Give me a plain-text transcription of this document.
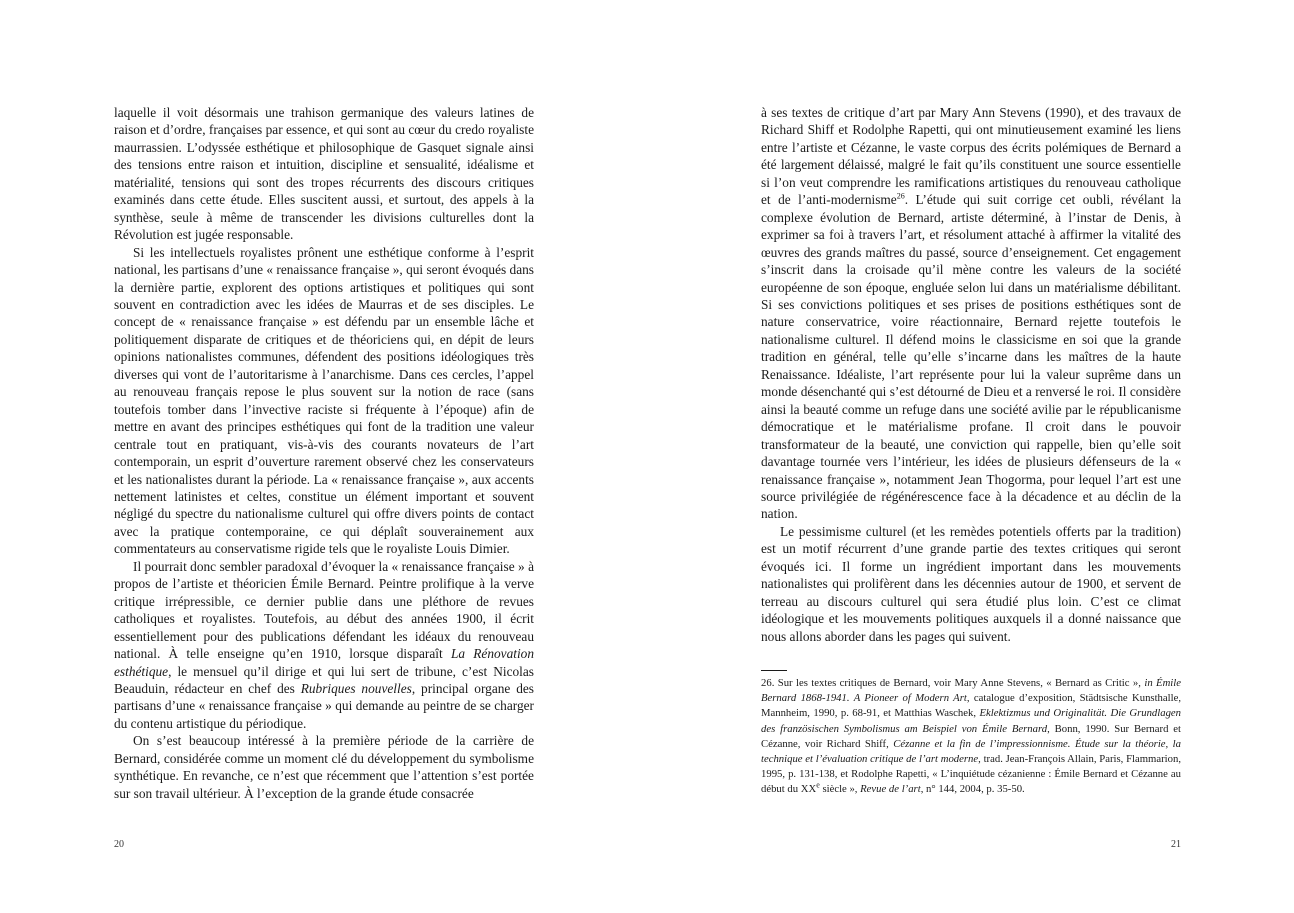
laquelle il voit désormais une trahison germanique des valeurs latines de raison et d’ordre, françaises par essence, et qui sont au cœur du credo royaliste maurrassien. L’odyssée esthétique et philosophique de Gasquet signale ainsi des tensions entre raison et intuition, discipline et sensualité, idéalisme et matérialité, tensions qui sont des tropes récurrents des discours critiques examinés dans cette étude. Elles suscitent aussi, et surtout, des appels à la synthèse, seule à même de transcender les divisions culturelles dont la Révolution est jugée responsable.

Si les intellectuels royalistes prônent une esthétique conforme à l’esprit national, les partisans d’une « renaissance française », qui seront évoqués dans la dernière partie, explorent des options artistiques et politiques qui sont souvent en contradiction avec les idées de Maurras et de ses disciples. Le concept de « renaissance française » est défendu par un ensemble lâche et politiquement disparate de critiques et de théoriciens qui, en dépit de leurs opinions nationalistes communes, défendent des positions idéologiques très diverses qui vont de l’autoritarisme à l’anarchisme. Dans ces cercles, l’appel au renouveau français repose le plus souvent sur la notion de race (sans toutefois tomber dans l’invective raciste si fréquente à l’époque) afin de mettre en avant des principes esthétiques qui font de la tradition une valeur centrale tout en pratiquant, vis-à-vis des courants novateurs de l’art contemporain, un esprit d’ouverture rarement observé chez les conservateurs et les nationalistes durant la période. La « renaissance française », aux accents nettement latinistes et celtes, constitue un élément important et souvent négligé du spectre du nationalisme culturel qui offre divers points de contact avec la pratique contemporaine, ce qui déplaît souverainement aux commentateurs au conservatisme rigide tels que le royaliste Louis Dimier.

Il pourrait donc sembler paradoxal d’évoquer la « renaissance française » à propos de l’artiste et théoricien Émile Bernard. Peintre prolifique à la verve critique irrépressible, ce dernier publie dans une pléthore de revues catholiques et royalistes. Toutefois, au début des années 1900, il écrit essentiellement pour des publications défendant les idéaux du renouveau national. À telle enseigne qu’en 1910, lorsque disparaît La Rénovation esthétique, le mensuel qu’il dirige et qui lui sert de tribune, c’est Nicolas Beauduin, rédacteur en chef des Rubriques nouvelles, principal organe des partisans d’une « renaissance française » qui demande au peintre de se charger du contenu artistique du périodique.

On s’est beaucoup intéressé à la première période de la carrière de Bernard, considérée comme un moment clé du développement du symbolisme synthétique. En revanche, ce n’est que récemment que l’attention s’est portée sur son travail ultérieur. À l’exception de la grande étude consacrée

20

à ses textes de critique d’art par Mary Ann Stevens (1990), et des travaux de Richard Shiff et Rodolphe Rapetti, qui ont minutieusement examiné les liens entre l’artiste et Cézanne, le vaste corpus des écrits polémiques de Bernard a été largement délaissé, malgré le fait qu’ils constituent une source essentielle si l’on veut comprendre les ramifications artistiques du renouveau catholique et de l’anti-modernisme$^{26}$. L’étude qui suit corrige cet oubli, révélant la complexe évolution de Bernard, artiste déterminé, à l’instar de Denis, à exprimer sa foi à travers l’art, et résolument attaché à affirmer la vitalité des œuvres des grands maîtres du passé, source d’enseignement. Cet engagement s’inscrit dans la croisade qu’il mène contre les valeurs de la société européenne de son époque, engluée selon lui dans un matérialisme débilitant. Si ses convictions politiques et ses prises de positions esthétiques sont de nature conservatrice, voire réactionnaire, Bernard rejette toutefois le nationalisme culturel. Il défend moins le classicisme en soi que la grande tradition en général, telle qu’elle s’incarne dans les maîtres de la haute Renaissance. Idéaliste, l’art représente pour lui la valeur suprême dans un monde désenchanté qui s’est détourné de Dieu et a renversé le roi. Il considère ainsi la beauté comme un refuge dans une société avilie par le républicanisme démocratique et le matérialisme profane. Il croit dans le pouvoir transformateur de la beauté, une conviction qui rappelle, bien qu’elle soit davantage tournée vers l’intérieur, les idées de plusieurs défenseurs de la « renaissance française », notamment Jean Thogorma, pour lequel l’art est une source privilégiée de régénérescence face à la décadence et au déclin de la nation.

Le pessimisme culturel (et les remèdes potentiels offerts par la tradition) est un motif récurrent d’une grande partie des textes critiques qui seront évoqués ici. Il forme un ingrédient important dans les mouvements nationalistes qui prolifèrent dans les décennies autour de 1900, et servent de terreau au discours culturel qui sera étudié plus loin. C’est ce climat idéologique et les mouvements politiques auxquels il a donné naissance que nous allons aborder dans les pages qui suivent.

26. Sur les textes critiques de Bernard, voir Mary Anne Stevens, « Bernard as Critic », in Émile Bernard 1868-1941. A Pioneer of Modern Art, catalogue d’exposition, Städtsische Kunsthalle, Mannheim, 1990, p. 68-91, et Matthias Waschek, Eklektizmus und Originalität. Die Grundlagen des französischen Symbolismus am Beispiel von Émile Bernard, Bonn, 1990. Sur Bernard et Cézanne, voir Richard Shiff, Cézanne et la fin de l’impressionnisme. Étude sur la théorie, la technique et l’évaluation critique de l’art moderne, trad. Jean-François Allain, Paris, Flammarion, 1995, p. 131-138, et Rodolphe Rapetti, « L’inquiétude cézanienne : Émile Bernard et Cézanne au début du XXe siècle », Revue de l’art, n° 144, 2004, p. 35-50.

21
